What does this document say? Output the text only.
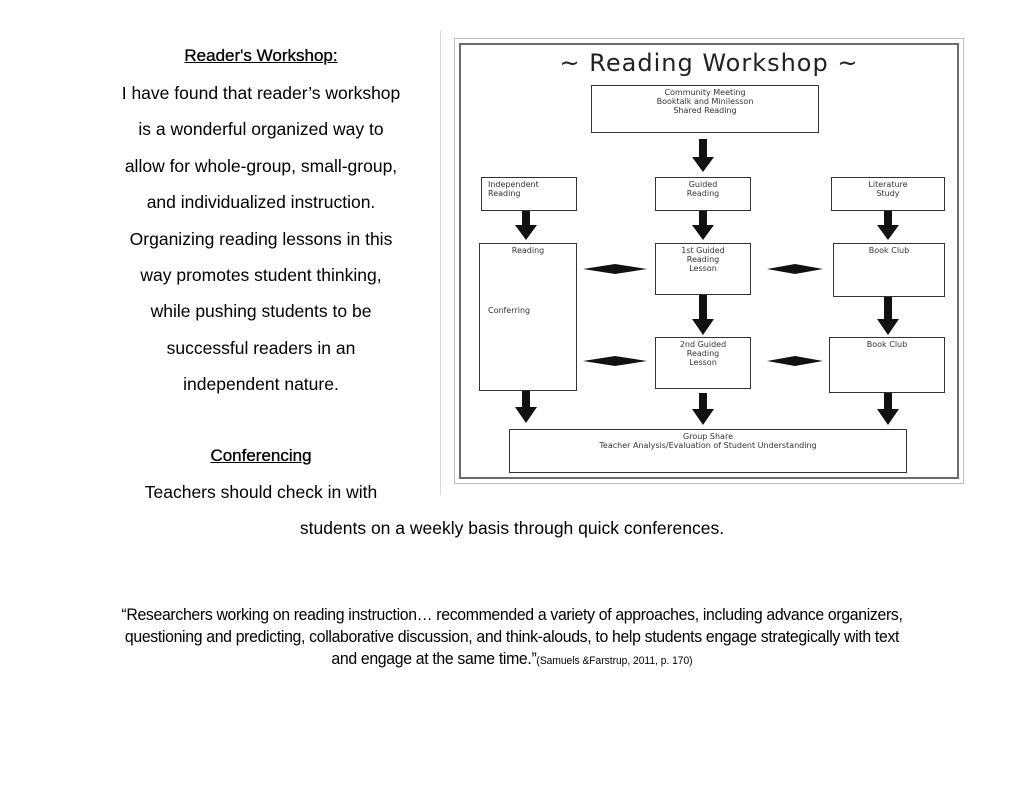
Reader's Workshop:

I have found that reader’s workshop
is a wonderful organized way to
allow for whole-group, small-group,
and individualized instruction.
Organizing reading lessons in this
way promotes student thinking,
while pushing students to be
successful readers in an
independent nature.

Conferencing

Teachers should check in with
students on a weekly basis through quick conferences.
~ Reading Workshop ~
Community Meeting
Booktalk and Minilesson
Shared Reading
Independent
Reading
Guided
Reading
Literature
Study
Reading
Conferring
1st Guided
Reading
Lesson
Book Club
2nd Guided
Reading
Lesson
Book Club
Group Share
Teacher Analysis/Evaluation of Student Understanding
“Researchers working on reading instruction… recommended a variety of approaches, including advance organizers, questioning and predicting, collaborative discussion, and think-alouds, to help students engage strategically with text and engage at the same time.”(Samuels &Farstrup, 2011, p. 170)
